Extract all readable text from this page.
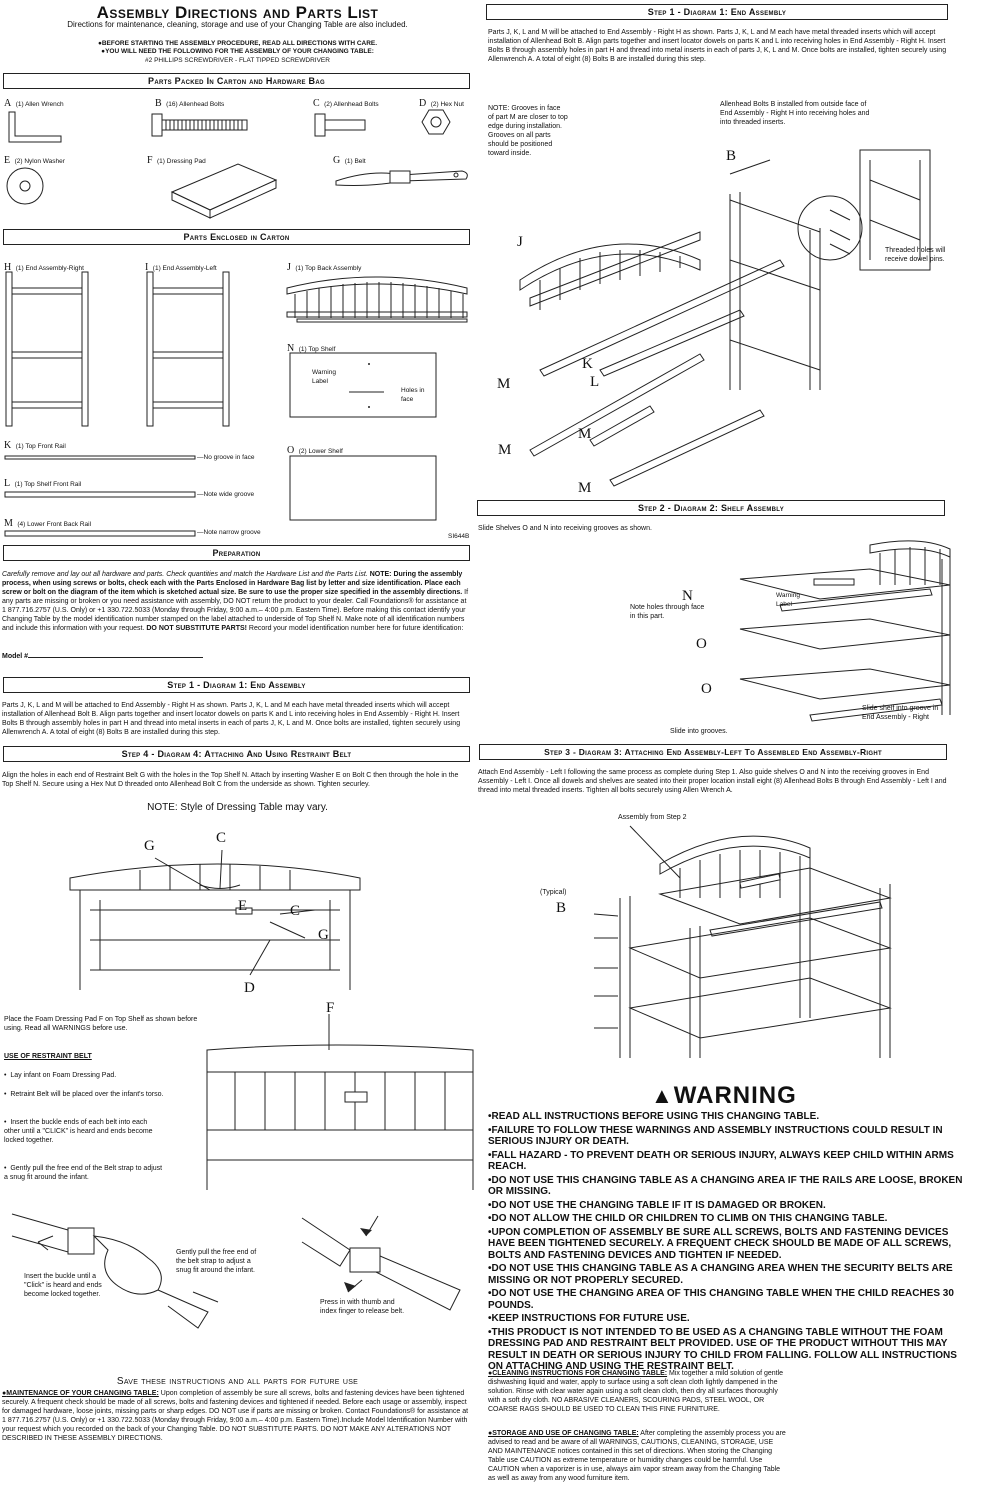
Assembly Directions and Parts List
Directions for maintenance, cleaning, storage and use of your Changing Table are also included.
●BEFORE STARTING THE ASSEMBLY PROCEDURE, READ ALL DIRECTIONS WITH CARE.
●YOU WILL NEED THE FOLLOWING FOR THE ASSEMBLY OF YOUR CHANGING TABLE:
#2 PHILLIPS SCREWDRIVER - FLAT TIPPED SCREWDRIVER
Parts Packed In Carton and Hardware Bag
A (1) Allen Wrench	B (16) Allenhead Bolts	C (2) Allenhead Bolts	D (2) Hex Nut
E (2) Nylon Washer	F (1) Dressing Pad	G (1) Belt
Parts Enclosed in Carton
H (1) End Assembly-Right	I (1) End Assembly-Left	J (1) Top Back Assembly
N (1) Top Shelf
Warning Label
Holes in face
K (1) Top Front Rail
—No groove in face
L (1) Top Shelf Front Rail
—Note wide groove
M (4) Lower Front Back Rail
—Note narrow groove
O (2) Lower Shelf
SI644B
Preparation
Carefully remove and lay out all hardware and parts. Check quantities and match the Hardware List and the Parts List. NOTE: During the assembly process, when using screws or bolts, check each with the Parts Enclosed in Hardware Bag list by letter and size identification. Place each screw or bolt on the diagram of the item which is sketched actual size. Be sure to use the proper size specified in the assembly directions. If any parts are missing or broken or you need assistance with assembly, DO NOT return the product to your dealer. Call Foundations® for assistance at 1 877.716.2757 (U.S. Only) or +1 330.722.5033 (Monday through Friday, 9:00 a.m.– 4:00 p.m. Eastern Time). Before making this contact identify your Changing Table by the model identification number stamped on the label attached to underside of Top Shelf N. Make note of all identification numbers and include this information with your request. DO NOT SUBSTITUTE PARTS! Record your model identification number here for future identification:
Model #
Step 1 - Diagram 1: End Assembly
Parts J, K, L and M will be attached to End Assembly - Right H as shown. Parts J, K, L and M each have metal threaded inserts which will accept installation of Allenhead Bolt B. Align parts together and insert locator dowels on parts K and L into receiving holes in End Assembly - Right H. Insert Bolts B through assembly holes in part H and thread into metal inserts in each of parts J, K, L and M. Once bolts are installed, tighten securely using Allenwrench A. A total of eight (8) Bolts B are installed during this step.
Step 4 - Diagram 4: Attaching And Using Restraint Belt
Align the holes in each end of Restraint Belt G with the holes in the Top Shelf N. Attach by inserting Washer E on Bolt C then through the hole in the Top Shelf N. Secure using a Hex Nut D threaded onto Allenhead Bolt C from the underside as shown. Tighten securley.
NOTE: Style of Dressing Table may vary.
G	C
E	C
G
D
Place the Foam Dressing Pad F on Top Shelf as shown before using. Read all WARNINGS before use.
F
USE OF RESTRAINT BELT
•  Lay infant on Foam Dressing Pad.
•  Retraint Belt will be placed over the infant's torso.
•  Insert the buckle ends of each belt into each other until a "CLICK" is heard and ends become locked together.
•  Gently pull the free end of the Belt strap to adjust a snug fit around the infant.
Insert the buckle until a "Click" is heard and ends become locked together.
Gently pull the free end of the belt strap to adjust a snug fit around the infant.
Press in with thumb and index finger to release belt.
Save these instructions and all parts for future use
●MAINTENANCE OF YOUR CHANGING TABLE: Upon completion of assembly be sure all screws, bolts and fastening devices have been tightened securely. A frequent check should be made of all screws, bolts and fastening devices and tightened if needed. Before each usage or assembly, inspect for damaged hardware, loose joints, missing parts or sharp edges. DO NOT use if parts are missing or broken. Contact Foundations® for assistance at 1 877.716.2757 (U.S. Only) or +1 330.722.5033 (Monday through Friday, 9:00 a.m.– 4:00 p.m. Eastern Time).Include Model Identification Number with your request which you recorded on the back of your Changing Table. DO NOT SUBSTITUTE PARTS. DO NOT MAKE ANY ALTERATIONS NOT DESCRIBED IN THESE ASSEMBLY DIRECTIONS.
Step 1 - Diagram 1: End Assembly
Parts J, K, L and M will be attached to End Assembly - Right H as shown. Parts J, K, L and M each have metal threaded inserts which will accept installation of Allenhead Bolt B. Align parts together and insert locator dowels on parts K and L into receiving holes in End Assembly - Right H. Insert Bolts B through assembly holes in part H and thread into metal inserts in each of parts J, K, L and M. Once bolts are installed, tighten securely using Allenwrench A. A total of eight (8) Bolts B are installed during this step.
NOTE: Grooves in face of part M are closer to top edge during installation. Grooves on all parts should be positioned toward inside.
Allenhead Bolts B installed from outside face of End Assembly - Right H into receiving holes and into threaded inserts.
Threaded holes will receive dowel pins.
B
J
K
L
M
M
M
M
Step 2 - Diagram 2: Shelf Assembly
Slide Shelves O and N into receiving grooves as shown.
N
Note holes through face in this part.
Warning Label
O
O
Slide shelf into groove in End Assembly - Right
Slide into grooves.
Step 3 - Diagram 3: Attaching End Assembly-Left To Assembled End Assembly-Right
Attach End Assembly - Left I following the same process as complete during Step 1. Also guide shelves O and N into the receiving grooves in End Assembly - Left I. Once all dowels and shelves are seated into their proper location install eight (8) Allenhead Bolts B through End Assembly - Left I and thread into metal threaded inserts. Tighten all bolts securely using Allen Wrench A.
Assembly from Step 2
(Typical)
B
▲WARNING
•READ ALL INSTRUCTIONS BEFORE USING THIS CHANGING TABLE.
•FAILURE TO FOLLOW THESE WARNINGS AND ASSEMBLY INSTRUCTIONS COULD RESULT IN SERIOUS INJURY OR DEATH.
•FALL HAZARD - TO PREVENT DEATH OR SERIOUS INJURY, ALWAYS KEEP CHILD WITHIN ARMS REACH.
•DO NOT USE THIS CHANGING TABLE AS A CHANGING AREA IF THE RAILS ARE LOOSE, BROKEN OR MISSING.
•DO NOT USE THE CHANGING TABLE IF IT IS DAMAGED OR BROKEN.
•DO NOT ALLOW THE CHILD OR CHILDREN TO CLIMB ON THIS CHANGING TABLE.
•UPON COMPLETION OF ASSEMBLY BE SURE ALL SCREWS, BOLTS AND FASTENING DEVICES HAVE BEEN TIGHTENED SECURELY. A FREQUENT CHECK SHOULD BE MADE OF ALL SCREWS, BOLTS AND FASTENING DEVICES AND TIGHTEN IF NEEDED.
•DO NOT USE THIS CHANGING TABLE AS A CHANGING AREA WHEN THE SECURITY BELTS ARE MISSING OR NOT PROPERLY SECURED.
•DO NOT USE THE CHANGING AREA OF THIS CHANGING TABLE WHEN THE CHILD REACHES 30 POUNDS.
•KEEP INSTRUCTIONS FOR FUTURE USE.
•THIS PRODUCT IS NOT INTENDED TO BE USED AS A CHANGING TABLE WITHOUT THE FOAM DRESSING PAD AND RESTRAINT BELT PROVIDED. USE OF THE PRODUCT WITHOUT THIS MAY RESULT IN DEATH OR SERIOUS INJURY TO CHILD FROM FALLING. FOLLOW ALL INSTRUCTIONS ON ATTACHING AND USING THE RESTRAINT BELT.
●CLEANING INSTRUCTIONS FOR CHANGING TABLE: Mix together a mild solution of gentle dishwashing liquid and water, apply to surface using a soft clean cloth lightly dampened in the solution. Rinse with clear water again using a soft clean cloth, then dry all surfaces thoroughly with a soft dry cloth. NO ABRASIVE CLEANERS, SCOURING PADS, STEEL WOOL, OR COARSE RAGS SHOULD BE USED TO CLEAN THIS FINE FURNITURE.
●STORAGE AND USE OF CHANGING TABLE: After completing the assembly process you are advised to read and be aware of all WARNINGS, CAUTIONS, CLEANING, STORAGE, USE AND MAINTENANCE notices contained in this set of directions. When storing the Changing Table use CAUTION as extreme temperature or humidity changes could be harmful. Use CAUTION when a vaporizer is in use, always aim vapor stream away from the Changing Table as well as away from any wood furniture item.
